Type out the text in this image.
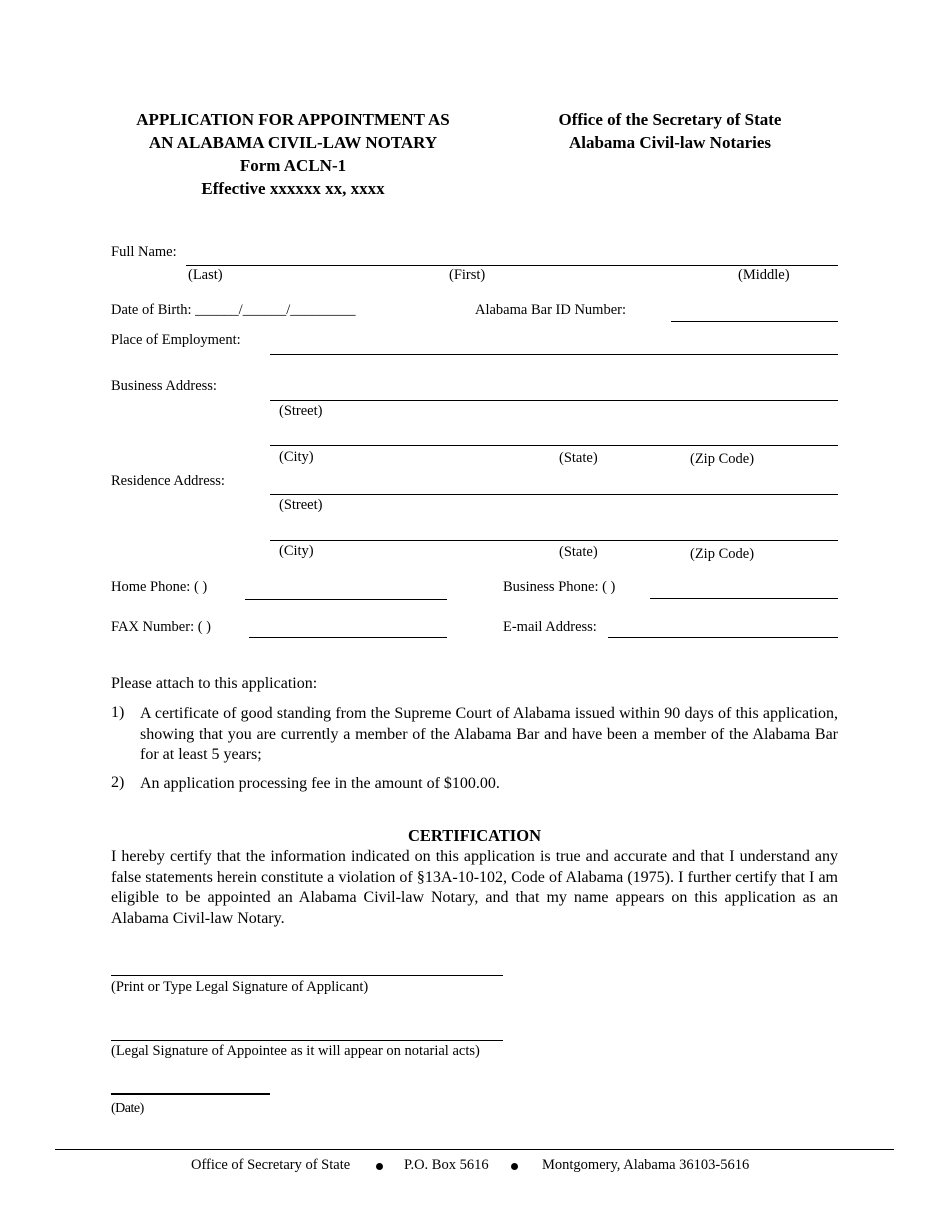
APPLICATION FOR APPOINTMENT AS
AN ALABAMA CIVIL-LAW NOTARY
Form ACLN-1
Effective xxxxxx xx, xxxx
Office of the Secretary of State
Alabama Civil-law Notaries
Full Name:
(Last)	(First)	(Middle)
Date of Birth: ______/______/_________	Alabama Bar ID Number:
Place of Employment:
Business Address:
(Street)
(City)	(State)	(Zip Code)
Residence Address:
(Street)
(City)	(State)	(Zip Code)
Home Phone: ( )	Business Phone: ( )
FAX Number: ( )	E-mail Address:
Please attach to this application:
1) A certificate of good standing from the Supreme Court of Alabama issued within 90 days of this application, showing that you are currently a member of the Alabama Bar and have been a member of the Alabama Bar for at least 5 years;
2) An application processing fee in the amount of $100.00.
CERTIFICATION
I hereby certify that the information indicated on this application is true and accurate and that I understand any false statements herein constitute a violation of §13A-10-102, Code of Alabama (1975). I further certify that I am eligible to be appointed an Alabama Civil-law Notary, and that my name appears on this application as an Alabama Civil-law Notary.
(Print or Type Legal Signature of Applicant)
(Legal Signature of Appointee as it will appear on notarial acts)
(Date)
Office of Secretary of State	P.O. Box 5616	Montgomery, Alabama 36103-5616
